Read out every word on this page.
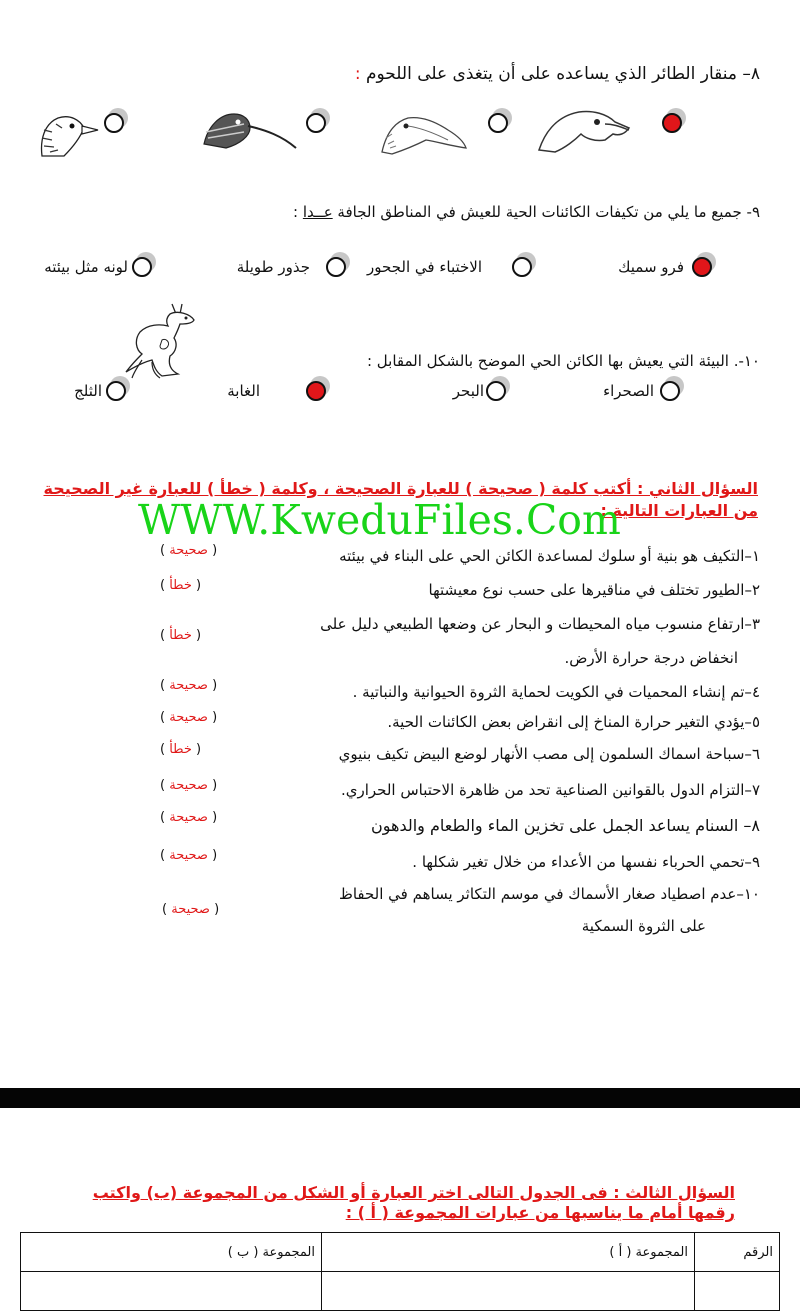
٨– منقار الطائر الذي يساعده على أن يتغذى على اللحوم :
٩- جميع ما يلي من تكيفات الكائنات الحية للعيش في المناطق الجافة عــدا :
فرو سميك
الاختباء في الجحور
جذور طويلة
لونه مثل بيئته
١٠-. البيئة التي يعيش بها الكائن الحي الموضح بالشكل المقابل :
الصحراء
البحر
الغابة
الثلج
السؤال الثاني : أكتب كلمة ( صحيحة ) للعبارة الصحيحة ، وكلمة ( خطأ ) للعبارة غير الصحيحة من العبارات التالية :
WWW.KweduFiles.Com
١–التكيف هو بنية أو سلوك لمساعدة الكائن الحي على البناء في بيئته
( صحيحة )
٢–الطيور تختلف في مناقيرها على حسب نوع معيشتها
( خطأ )
٣–ارتفاع منسوب مياه المحيطات و البحار عن وضعها الطبيعي دليل على
انخفاض درجة حرارة الأرض.
( خطأ )
٤–تم إنشاء المحميات في الكويت لحماية الثروة الحيوانية والنباتية .
( صحيحة )
٥–يؤدي التغير حرارة المناخ إلى انقراض بعض الكائنات الحية.
( صحيحة )
٦–سباحة اسماك السلمون إلى مصب الأنهار لوضع البيض تكيف بنيوي
( خطأ )
٧–التزام الدول بالقوانين الصناعية تحد من ظاهرة الاحتباس الحراري.
( صحيحة )
٨– السنام يساعد الجمل على تخزين الماء والطعام والدهون
( صحيحة )
٩–تحمي الحرباء نفسها من الأعداء من خلال تغير شكلها .
( صحيحة )
١٠–عدم اصطياد صغار الأسماك في موسم التكاثر يساهم في الحفاظ
على الثروة السمكية
( صحيحة )
السؤال الثالث : فى الجدول التالى اختر العبارة أو الشكل من المجموعة (ب) واكتب رقمها أمام ما يناسبها من عبارات المجموعة ( أ ) :
الرقم	المجموعة ( أ )	المجموعة ( ب )
